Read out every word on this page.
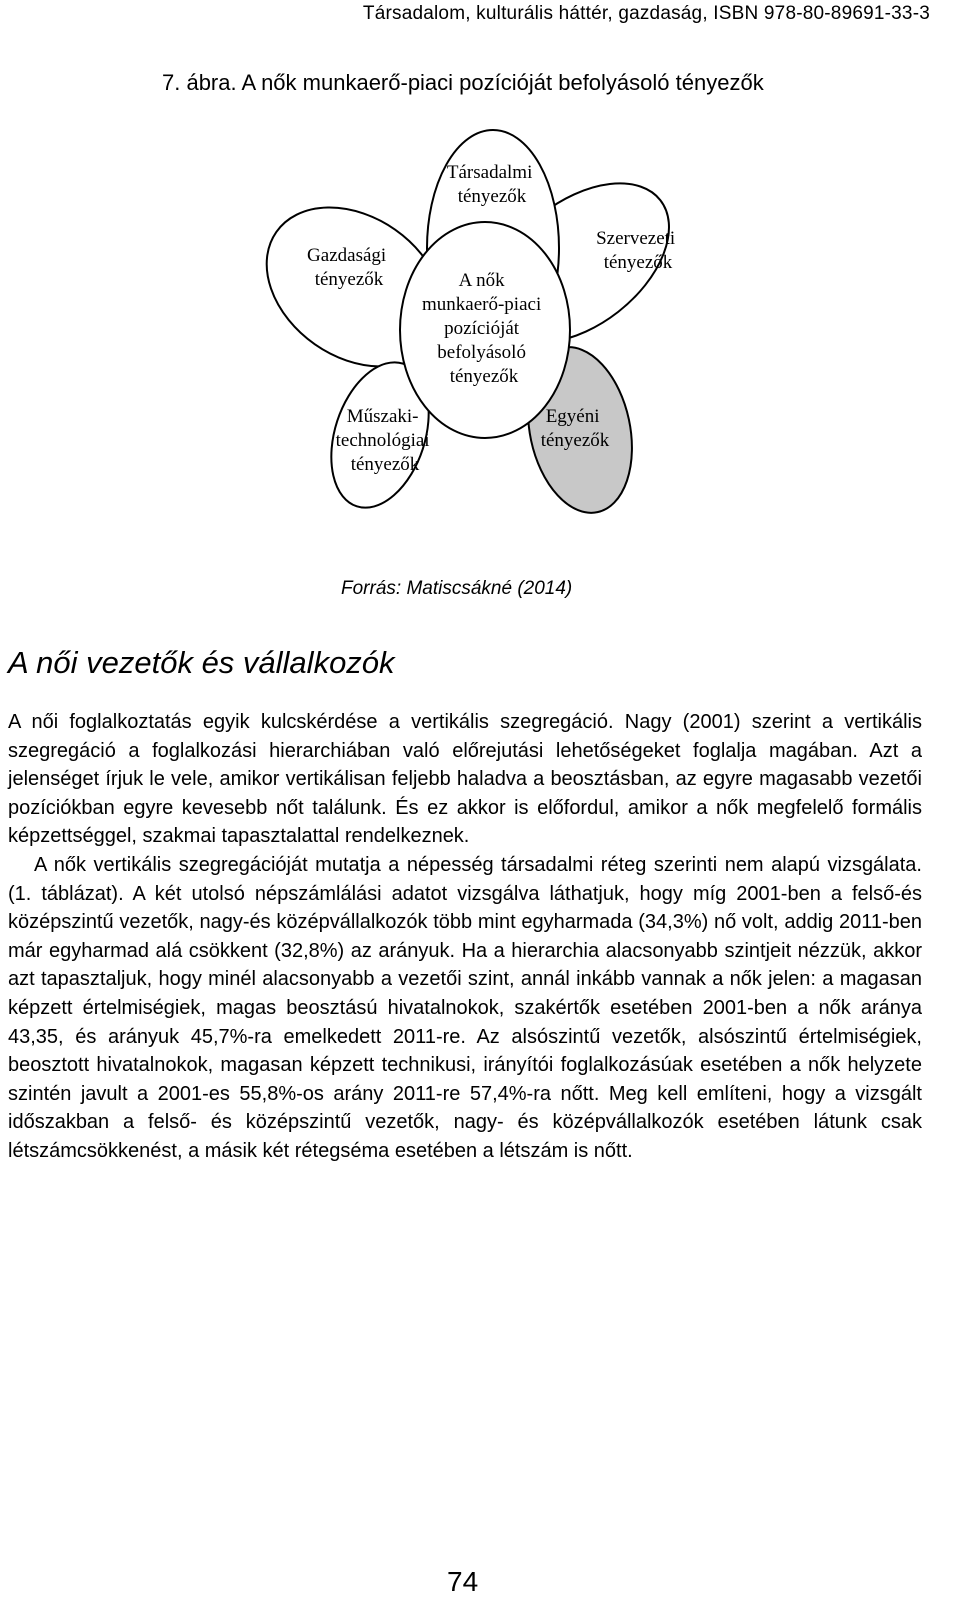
Társadalom, kulturális háttér, gazdaság, ISBN 978-80-89691-33-3
7. ábra. A nők munkaerő-piaci pozícióját befolyásoló tényezők
Társadalmi tényezők
Gazdasági tényezők
Szervezeti tényezők
A nők munkaerő-piaci pozícióját befolyásoló tényezők
Műszaki- technológiai tényezők
Egyéni tényezők
Forrás: Matiscsákné (2014)
A női vezetők és vállalkozók

A női foglalkoztatás egyik kulcskérdése a vertikális szegregáció. Nagy (2001) szerint a vertikális szegregáció a foglalkozási hierarchiában való előrejutási lehetőségeket foglalja magában. Azt a jelenséget írjuk le vele, amikor vertikálisan feljebb haladva a beosztásban, az egyre magasabb vezetői pozíciókban egyre kevesebb nőt találunk. És ez akkor is előfordul, amikor a nők megfelelő formális képzettséggel, szakmai tapasztalattal rendelkeznek.

A nők vertikális szegregációját mutatja a népesség társadalmi réteg szerinti nem alapú vizsgálata.(1. táblázat). A két utolsó népszámlálási adatot vizsgálva láthatjuk, hogy míg 2001-ben a felső-és középszintű vezetők, nagy-és középvállalkozók több mint egyharmada (34,3%) nő volt, addig 2011-ben már egyharmad alá csökkent (32,8%) az arányuk. Ha a hierarchia alacsonyabb szintjeit nézzük, akkor azt tapasztaljuk, hogy minél alacsonyabb a vezetői szint, annál inkább vannak a nők jelen: a magasan képzett értelmiségiek, magas beosztású hivatalnokok, szakértők esetében 2001-ben a nők aránya 43,35, és arányuk 45,7%-ra emelkedett 2011-re. Az alsószintű vezetők, alsószintű értelmiségiek, beosztott hivatalnokok, magasan képzett technikusi, irányítói foglalkozásúak esetében a nők helyzete szintén javult a 2001-es 55,8%-os arány 2011-re 57,4%-ra nőtt. Meg kell említeni, hogy a vizsgált időszakban a felső- és középszintű vezetők, nagy- és középvállalkozók esetében látunk csak létszámcsökkenést, a másik két rétegséma esetében a létszám is nőtt.

74
